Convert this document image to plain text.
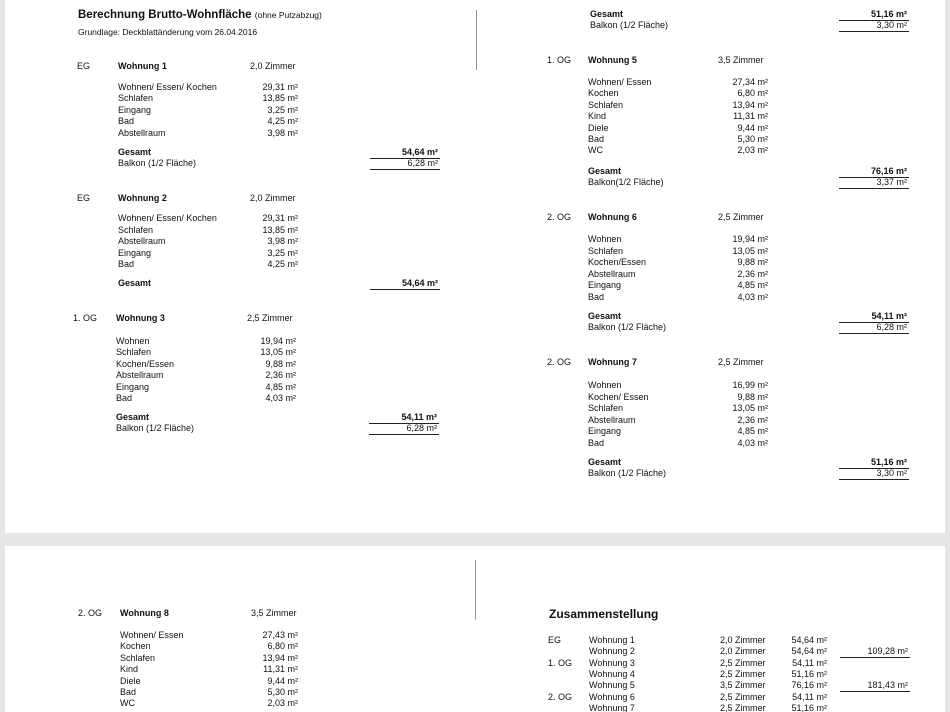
Berechnung Brutto-Wohnfläche (ohne Putzabzug)
Grundlage: Deckblattänderung vom 26.04.2016
EG	Wohnung 1	2,0 Zimmer
Wohnen/ Essen/ Kochen	29,31 m²
Schlafen	13,85 m²
Eingang	3,25 m²
Bad	4,25 m²
Abstellraum	3,98 m²
Gesamt	54,64 m²
Balkon (1/2 Fläche)	6,28 m²
EG	Wohnung 2	2,0 Zimmer
Wohnen/ Essen/ Kochen	29,31 m²
Schlafen	13,85 m²
Abstellraum	3,98 m²
Eingang	3,25 m²
Bad	4,25 m²
Gesamt	54,64 m²
1. OG Wohnung 3	2,5 Zimmer
Wohnen	19,94 m²
Schlafen	13,05 m²
Kochen/Essen	9,88 m²
Abstellraum	2,36 m²
Eingang	4,85 m²
Bad	4,03 m²
Gesamt	54,11 m²
Balkon (1/2 Fläche)	6,28 m²
Gesamt	51,16 m²
Balkon (1/2 Fläche)	3,30 m²
1. OG Wohnung 5	3,5 Zimmer
Wohnen/ Essen	27,34 m²
Kochen	6,80 m²
Schlafen	13,94 m²
Kind	11,31 m²
Diele	9,44 m²
Bad	5,30 m²
WC	2,03 m²
Gesamt	76,16 m²
Balkon(1/2 Fläche)	3,37 m²
2. OG Wohnung 6	2,5 Zimmer
Wohnen	19,94 m²
Schlafen	13,05 m²
Kochen/Essen	9,88 m²
Abstellraum	2,36 m²
Eingang	4,85 m²
Bad	4,03 m²
Gesamt	54,11 m²
Balkon (1/2 Fläche)	6,28 m²
2. OG Wohnung 7	2,5 Zimmer
Wohnen	16,99 m²
Kochen/ Essen	9,88 m²
Schlafen	13,05 m²
Abstellraum	2,36 m²
Eingang	4,85 m²
Bad	4,03 m²
Gesamt	51,16 m²
Balkon (1/2 Fläche)	3,30 m²
2. OG Wohnung 8	3,5 Zimmer
Wohnen/ Essen	27,43 m²
Kochen	6,80 m²
Schlafen	13,94 m²
Kind	11,31 m²
Diele	9,44 m²
Bad	5,30 m²
WC	2,03 m²
Zusammenstellung
EG	Wohnung 1	2,0 Zimmer	54,64 m²
Wohnung 2	2,0 Zimmer	54,64 m²	109,28 m²
1. OG Wohnung 3	2,5 Zimmer	54,11 m²
Wohnung 4	2,5 Zimmer	51,16 m²
Wohnung 5	3,5 Zimmer	76,16 m²	181,43 m²
2. OG Wohnung 6	2,5 Zimmer	54,11 m²
Wohnung 7	2,5 Zimmer	51,16 m²
